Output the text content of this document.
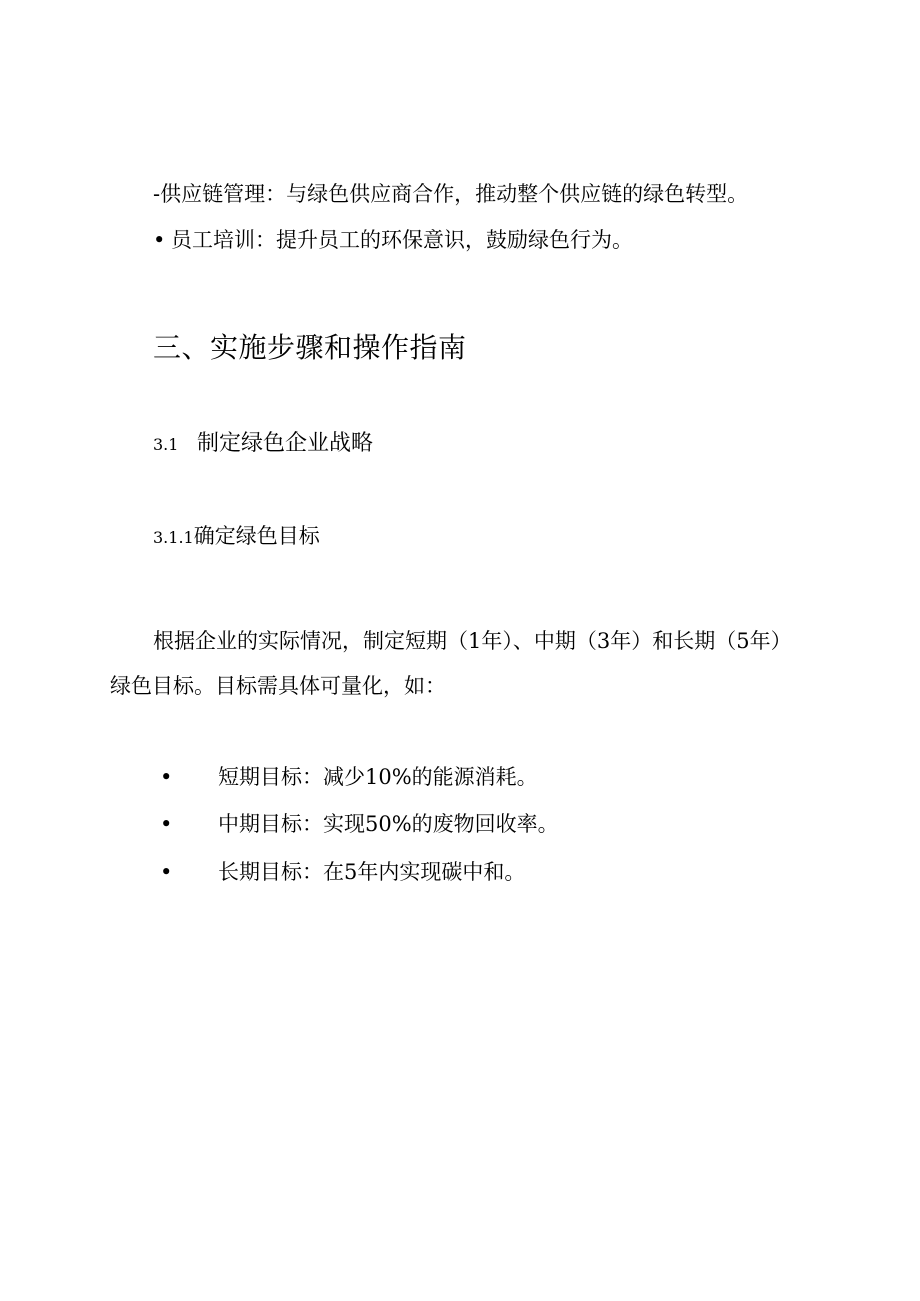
-供应链管理：与绿色供应商合作，推动整个供应链的绿色转型。
• 员工培训：提升员工的环保意识，鼓励绿色行为。
三、实施步骤和操作指南
3.1 制定绿色企业战略
3.1.1确定绿色目标
根据企业的实际情况，制定短期（1年）、中期（3年）和长期（5年）绿色目标。目标需具体可量化，如：
• 短期目标：减少10%的能源消耗。
• 中期目标：实现50%的废物回收率。
• 长期目标：在5年内实现碳中和。
